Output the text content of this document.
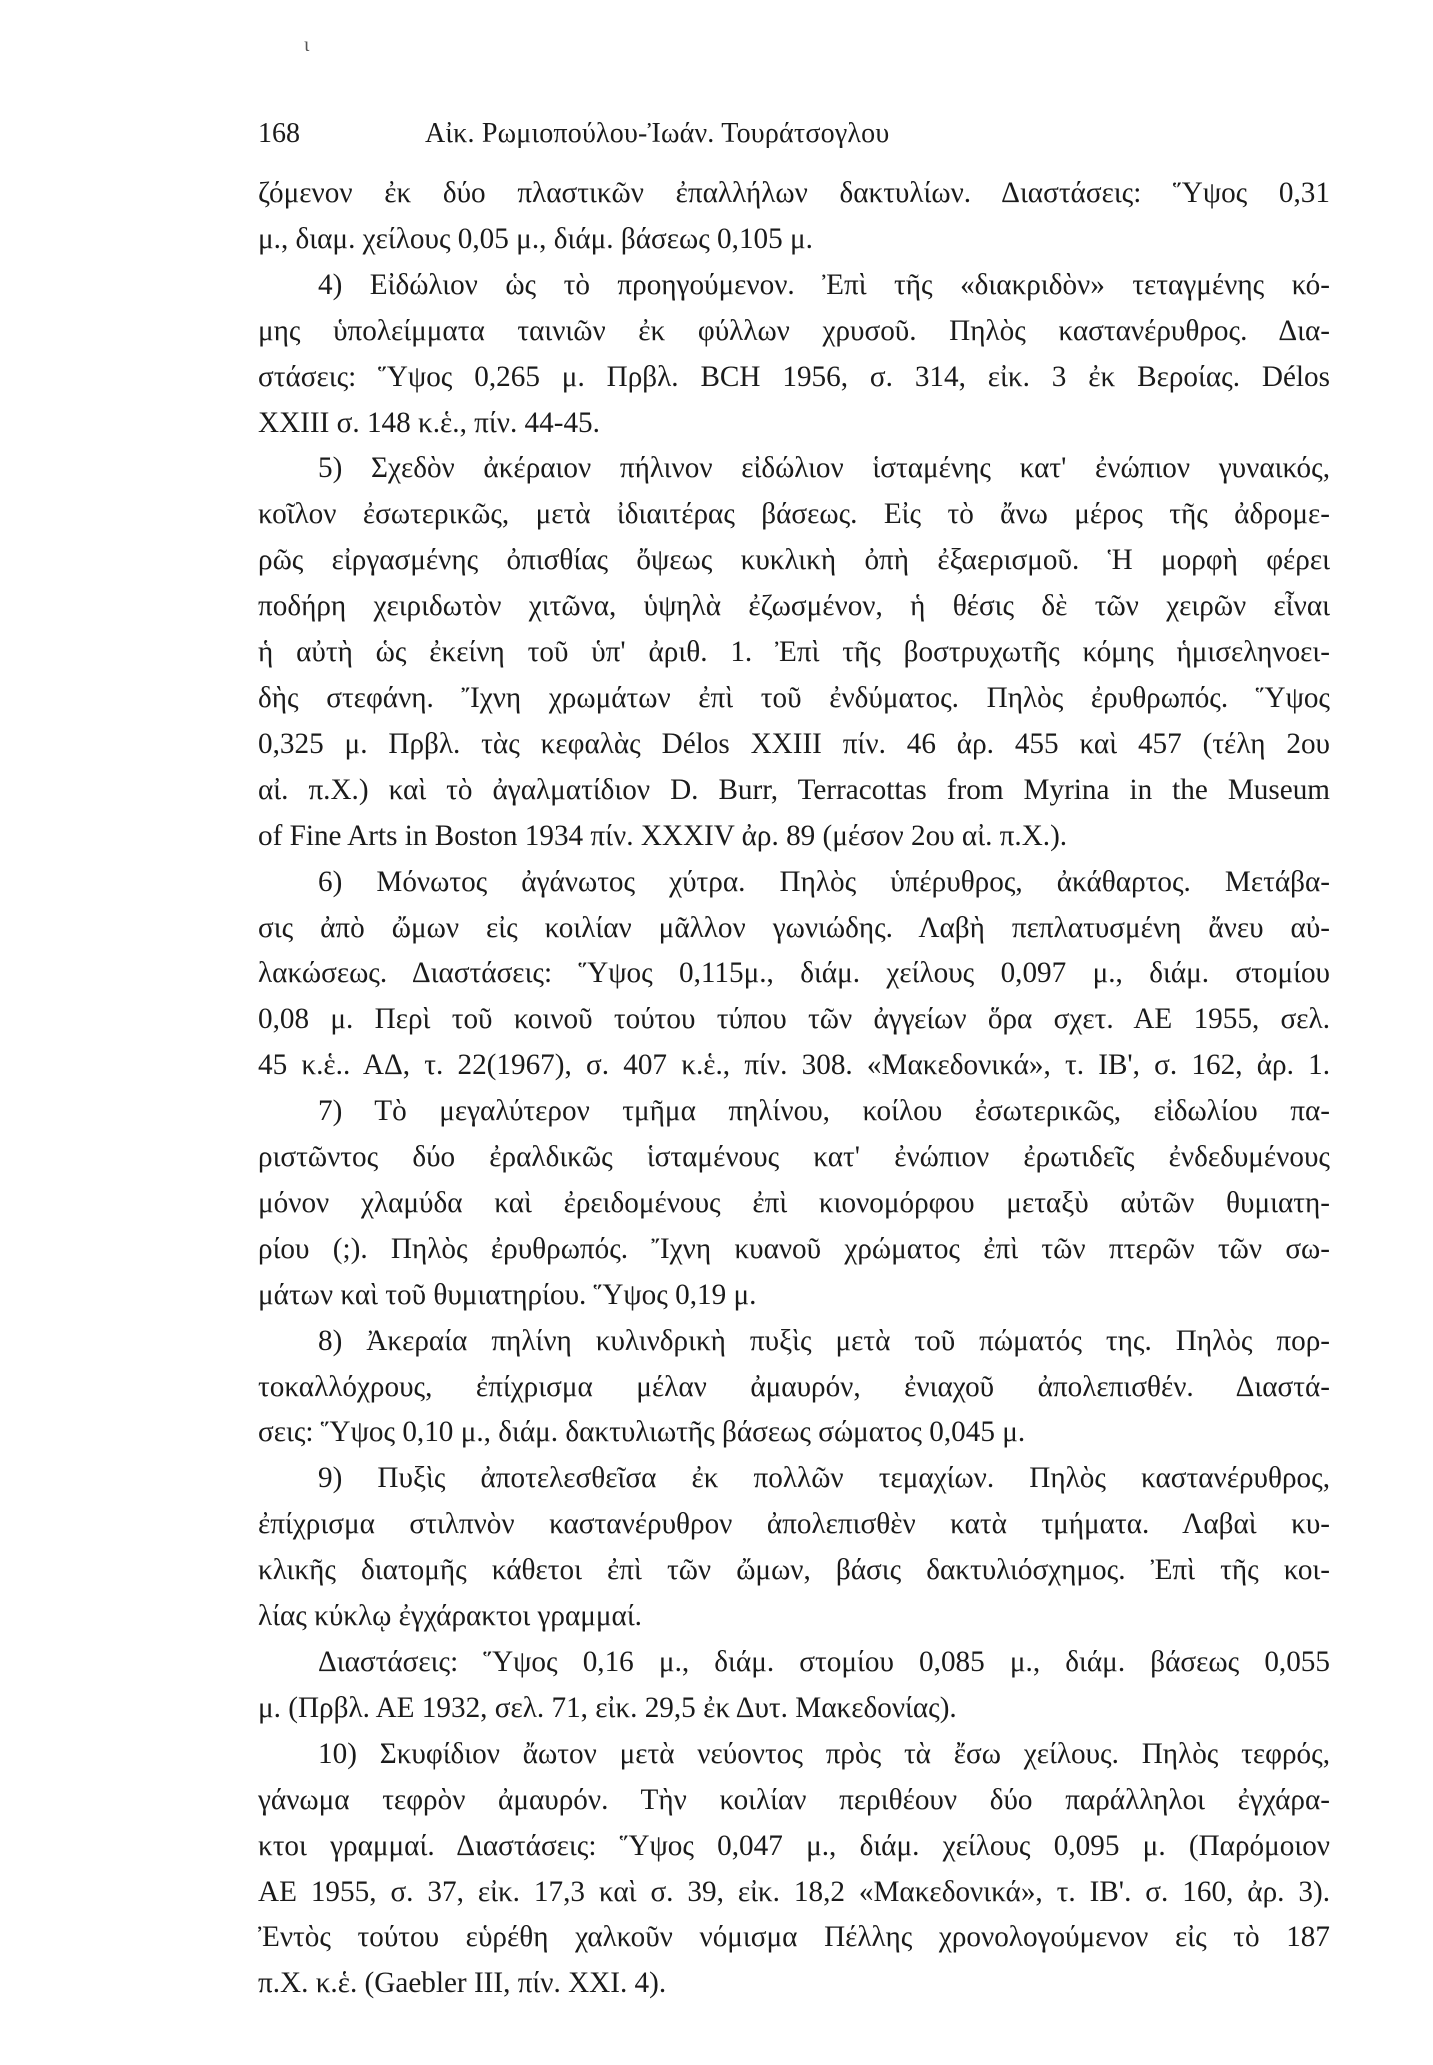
ι
168	Αἰκ. Ρωμιοπούλου-Ἰωάν. Τουράτσογλου
ζόμενον ἐκ δύο πλαστικῶν ἐπαλλήλων δακτυλίων. Διαστάσεις: Ὕψος 0,31
μ., διαμ. χείλους 0,05 μ., διάμ. βάσεως 0,105 μ.
4) Εἰδώλιον ὡς τὸ προηγούμενον. Ἐπὶ τῆς «διακριδὸν» τεταγμένης κό-
μης ὑπολείμματα ταινιῶν ἐκ φύλλων χρυσοῦ. Πηλὸς καστανέρυθρος. Δια-
στάσεις: Ὕψος 0,265 μ. Πρβλ. BCH 1956, σ. 314, εἰκ. 3 ἐκ Βεροίας. Délos
XXIII σ. 148 κ.ἑ., πίν. 44-45.
5) Σχεδὸν ἀκέραιον πήλινον εἰδώλιον ἱσταμένης κατ' ἐνώπιον γυναικός,
κοῖλον ἐσωτερικῶς, μετὰ ἰδιαιτέρας βάσεως. Εἰς τὸ ἄνω μέρος τῆς ἀδρομε-
ρῶς εἰργασμένης ὀπισθίας ὄψεως κυκλικὴ ὀπὴ ἐξαερισμοῦ. Ἡ μορφὴ φέρει
ποδήρη χειριδωτὸν χιτῶνα, ὑψηλὰ ἐζωσμένον, ἡ θέσις δὲ τῶν χειρῶν εἶναι
ἡ αὐτὴ ὡς ἐκείνη τοῦ ὑπ' ἀριθ. 1. Ἐπὶ τῆς βοστρυχωτῆς κόμης ἡμισεληνοει-
δὴς στεφάνη. Ἴχνη χρωμάτων ἐπὶ τοῦ ἐνδύματος. Πηλὸς ἐρυθρωπός. Ὕψος
0,325 μ. Πρβλ. τὰς κεφαλὰς Délos XXIII πίν. 46 ἀρ. 455 καὶ 457 (τέλη 2ου
αἰ. π.Χ.) καὶ τὸ ἀγαλματίδιον D. Burr, Terracottas from Myrina in the Museum
of Fine Arts in Boston 1934 πίν. XXXIV ἀρ. 89 (μέσον 2ου αἰ. π.Χ.).
6) Μόνωτος ἀγάνωτος χύτρα. Πηλὸς ὑπέρυθρος, ἀκάθαρτος. Μετάβα-
σις ἀπὸ ὤμων εἰς κοιλίαν μᾶλλον γωνιώδης. Λαβὴ πεπλατυσμένη ἄνευ αὐ-
λακώσεως. Διαστάσεις: Ὕψος 0,115μ., διάμ. χείλους 0,097 μ., διάμ. στομίου
0,08 μ. Περὶ τοῦ κοινοῦ τούτου τύπου τῶν ἀγγείων ὅρα σχετ. ΑΕ 1955, σελ.
45 κ.ἑ.. ΑΔ, τ. 22(1967), σ. 407 κ.ἑ., πίν. 308. «Μακεδονικά», τ. ΙΒ', σ. 162, ἀρ. 1.
7) Τὸ μεγαλύτερον τμῆμα πηλίνου, κοίλου ἐσωτερικῶς, εἰδωλίου πα-
ριστῶντος δύο ἐραλδικῶς ἱσταμένους κατ' ἐνώπιον ἐρωτιδεῖς ἐνδεδυμένους
μόνον χλαμύδα καὶ ἐρειδομένους ἐπὶ κιονομόρφου μεταξὺ αὐτῶν θυμιατη-
ρίου (;). Πηλὸς ἐρυθρωπός. Ἴχνη κυανοῦ χρώματος ἐπὶ τῶν πτερῶν τῶν σω-
μάτων καὶ τοῦ θυμιατηρίου. Ὕψος 0,19 μ.
8) Ἀκεραία πηλίνη κυλινδρικὴ πυξὶς μετὰ τοῦ πώματός της. Πηλὸς πορ-
τοκαλλόχρους, ἐπίχρισμα μέλαν ἀμαυρόν, ἐνιαχοῦ ἀπολεπισθέν. Διαστά-
σεις: Ὕψος 0,10 μ., διάμ. δακτυλιωτῆς βάσεως σώματος 0,045 μ.
9) Πυξὶς ἀποτελεσθεῖσα ἐκ πολλῶν τεμαχίων. Πηλὸς καστανέρυθρος,
ἐπίχρισμα στιλπνὸν καστανέρυθρον ἀπολεπισθὲν κατὰ τμήματα. Λαβαὶ κυ-
κλικῆς διατομῆς κάθετοι ἐπὶ τῶν ὤμων, βάσις δακτυλιόσχημος. Ἐπὶ τῆς κοι-
λίας κύκλῳ ἐγχάρακτοι γραμμαί.
Διαστάσεις: Ὕψος 0,16 μ., διάμ. στομίου 0,085 μ., διάμ. βάσεως 0,055
μ. (Πρβλ. ΑΕ 1932, σελ. 71, εἰκ. 29,5 ἐκ Δυτ. Μακεδονίας).
10) Σκυφίδιον ἄωτον μετὰ νεύοντος πρὸς τὰ ἔσω χείλους. Πηλὸς τεφρός,
γάνωμα τεφρὸν ἀμαυρόν. Τὴν κοιλίαν περιθέουν δύο παράλληλοι ἐγχάρα-
κτοι γραμμαί. Διαστάσεις: Ὕψος 0,047 μ., διάμ. χείλους 0,095 μ. (Παρόμοιον
ΑΕ 1955, σ. 37, εἰκ. 17,3 καὶ σ. 39, εἰκ. 18,2 «Μακεδονικά», τ. ΙΒ'. σ. 160, ἀρ. 3).
Ἐντὸς τούτου εὑρέθη χαλκοῦν νόμισμα Πέλλης χρονολογούμενον εἰς τὸ 187
π.Χ. κ.ἑ. (Gaebler III, πίν. XXI. 4).
